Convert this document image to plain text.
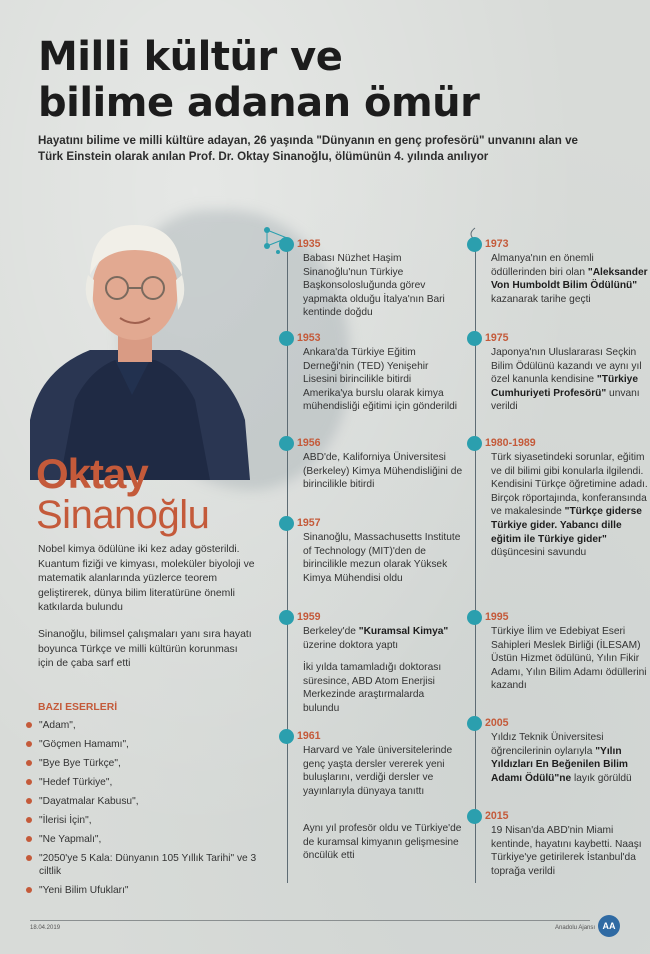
Milli kültür ve
bilime adanan ömür

Hayatını bilime ve milli kültüre adayan, 26 yaşında "Dünyanın en genç profesörü" unvanını alan ve Türk Einstein olarak anılan Prof. Dr. Oktay Sinanoğlu, ölümünün 4. yılında anılıyor

Oktay
Sinanoğlu

Nobel kimya ödülüne iki kez aday gösterildi. Kuantum fiziği ve kimyası, moleküler biyoloji ve matematik alanlarında yüzlerce teorem geliştirerek, dünya bilim literatürüne önemli katkılarda bulundu

Sinanoğlu, bilimsel çalışmaları yanı sıra hayatı boyunca Türkçe ve milli kültürün korunması için de çaba sarf etti

BAZI ESERLERİ
"Adam",
"Göçmen Hamamı",
"Bye Bye Türkçe",
"Hedef Türkiye",
"Dayatmalar Kabusu",
"İlerisi İçin",
"Ne Yapmalı",
"2050'ye 5 Kala: Dünyanın 105 Yıllık Tarihi" ve 3 ciltlik
"Yeni Bilim Ufukları"
1935

Babası Nüzhet Haşim Sinanoğlu'nun Türkiye Başkonsolosluğunda görev yapmakta olduğu İtalya'nın Bari kentinde doğdu

1953

Ankara'da Türkiye Eğitim Derneği'nin (TED) Yenişehir Lisesini birincilikle bitirdi Amerika'ya burslu olarak kimya mühendisliği eğitimi için gönderildi

1956

ABD'de, Kaliforniya Üniversitesi (Berkeley) Kimya Mühendisliğini de birincilikle bitirdi

1957

Sinanoğlu, Massachusetts Institute of Technology (MIT)'den de birincilikle mezun olarak Yüksek Kimya Mühendisi oldu

1959

Berkeley'de "Kuramsal Kimya" üzerine doktora yaptı

İki yılda tamamladığı doktorası süresince, ABD Atom Enerjisi Merkezinde araştırmalarda bulundu

1961

Harvard ve Yale üniversitelerinde genç yaşta dersler vererek yeni buluşlarını, verdiği dersler ve yayınlarıyla dünyaya tanıttı

Aynı yıl profesör oldu ve Türkiye'de de kuramsal kimyanın gelişmesine öncülük etti

1973

Almanya'nın en önemli ödüllerinden biri olan "Aleksander Von Humboldt Bilim Ödülünü" kazanarak tarihe geçti

1975

Japonya'nın Uluslararası Seçkin Bilim Ödülünü kazandı ve aynı yıl özel kanunla kendisine "Türkiye Cumhuriyeti Profesörü" unvanı verildi

1980-1989

Türk siyasetindeki sorunlar, eğitim ve dil bilimi gibi konularla ilgilendi. Kendisini Türkçe öğretimine adadı. Birçok röportajında, konferansında ve makalesinde "Türkçe giderse Türkiye gider. Yabancı dille eğitim ile Türkiye gider" düşüncesini savundu

1995

Türkiye İlim ve Edebiyat Eseri Sahipleri Meslek Birliği (İLESAM) Üstün Hizmet ödülünü, Yılın Fikir Adamı, Yılın Bilim Adamı ödüllerini kazandı

2005

Yıldız Teknik Üniversitesi öğrencilerinin oylarıyla "Yılın Yıldızları En Beğenilen Bilim Adamı Ödülü"ne layık görüldü

2015

19 Nisan'da ABD'nin Miami kentinde, hayatını kaybetti. Naaşı Türkiye'ye getirilerek İstanbul'da toprağa verildi

18.04.2019	Anadolu Ajansı AA
